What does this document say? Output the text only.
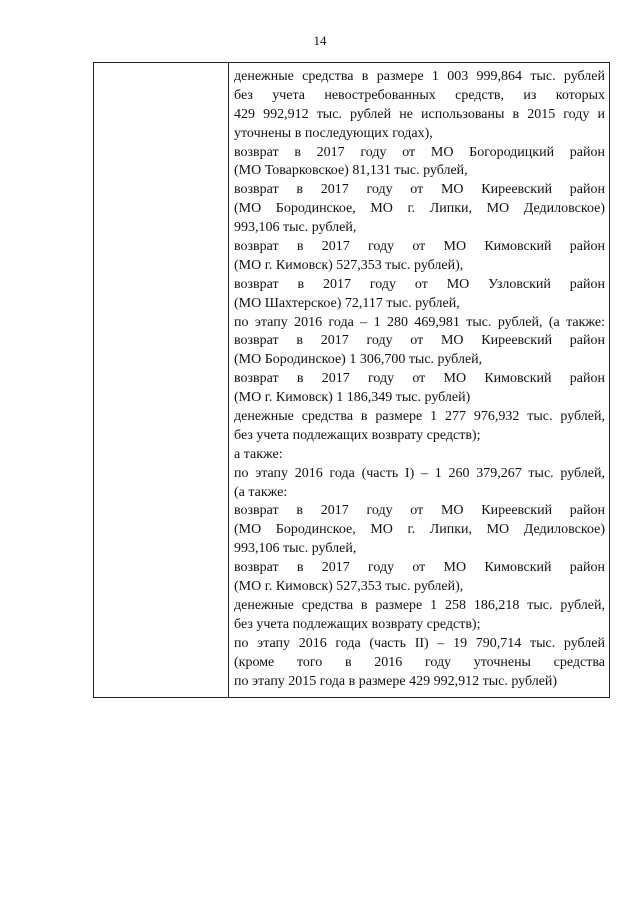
14
денежные средства в размере 1 003 999,864 тыс. рублей
без учета невостребованных средств, из которых
429 992,912 тыс. рублей не использованы в 2015 году и
уточнены в последующих годах),
возврат в 2017 году от МО Богородицкий район
(МО Товарковское) 81,131 тыс. рублей,
возврат в 2017 году от МО Киреевский район
(МО Бородинское, МО г. Липки, МО Дедиловское)
993,106 тыс. рублей,
возврат в 2017 году от МО Кимовский район
(МО г. Кимовск) 527,353 тыс. рублей),
возврат в 2017 году от МО Узловский район
(МО Шахтерское) 72,117 тыс. рублей,
по этапу 2016 года – 1 280 469,981 тыс. рублей, (а также:
возврат в 2017 году от МО Киреевский район
(МО Бородинское) 1 306,700 тыс. рублей,
возврат в 2017 году от МО Кимовский район
(МО г. Кимовск) 1 186,349 тыс. рублей)
денежные средства в размере 1 277 976,932 тыс. рублей,
без учета подлежащих возврату средств);
а также:
по этапу 2016 года (часть I) – 1 260 379,267 тыс. рублей,
(а также:
возврат в 2017 году от МО Киреевский район
(МО Бородинское, МО г. Липки, МО Дедиловское)
993,106 тыс. рублей,
возврат в 2017 году от МО Кимовский район
(МО г. Кимовск) 527,353 тыс. рублей),
денежные средства в размере 1 258 186,218 тыс. рублей,
без учета подлежащих возврату средств);
по этапу 2016 года (часть II) – 19 790,714 тыс. рублей
(кроме того в 2016 году уточнены средства
по этапу 2015 года в размере 429 992,912 тыс. рублей)
